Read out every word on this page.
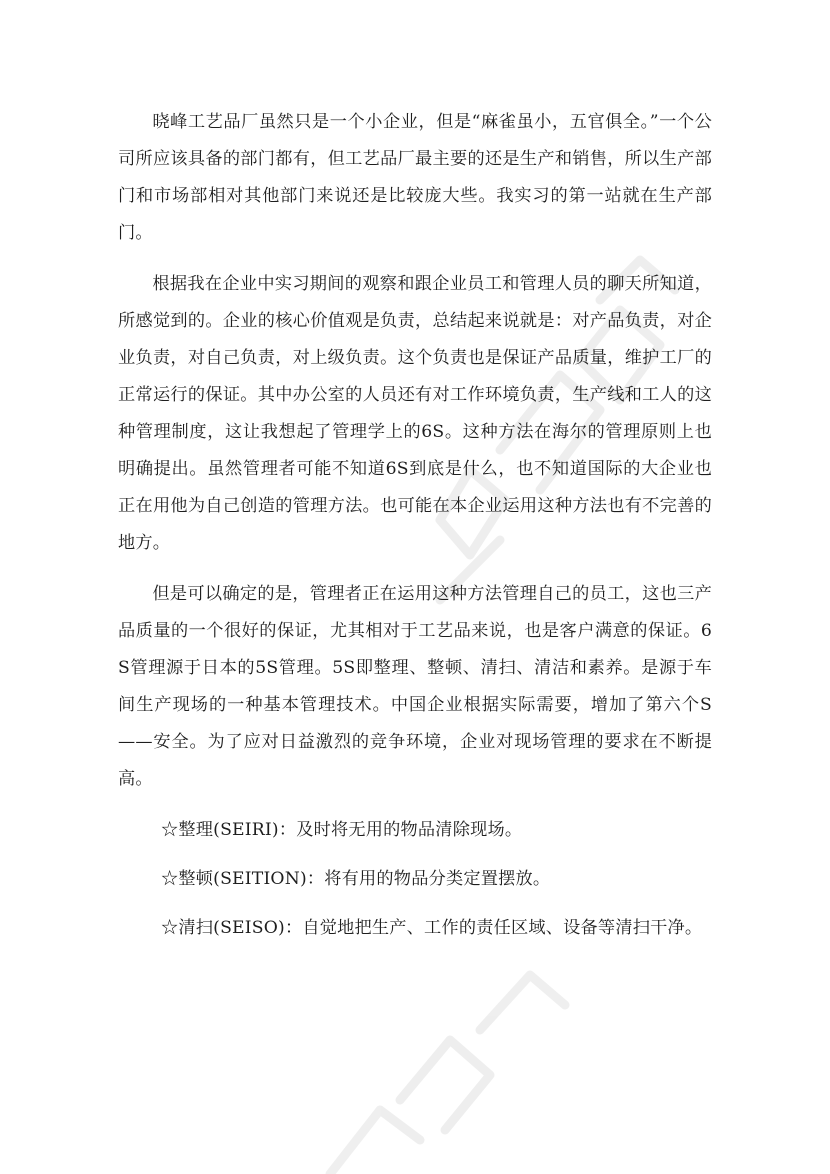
晓峰工艺品厂虽然只是一个小企业，但是“麻雀虽小，五官俱全。”一个公司所应该具备的部门都有，但工艺品厂最主要的还是生产和销售，所以生产部门和市场部相对其他部门来说还是比较庞大些。我实习的第一站就在生产部门。

根据我在企业中实习期间的观察和跟企业员工和管理人员的聊天所知道，所感觉到的。企业的核心价值观是负责，总结起来说就是：对产品负责，对企业负责，对自己负责，对上级负责。这个负责也是保证产品质量，维护工厂的正常运行的保证。其中办公室的人员还有对工作环境负责，生产线和工人的这种管理制度，这让我想起了管理学上的6S。这种方法在海尔的管理原则上也明确提出。虽然管理者可能不知道6S到底是什么，也不知道国际的大企业也正在用他为自己创造的管理方法。也可能在本企业运用这种方法也有不完善的地方。

但是可以确定的是，管理者正在运用这种方法管理自己的员工，这也三产品质量的一个很好的保证，尤其相对于工艺品来说，也是客户满意的保证。6S管理源于日本的5S管理。5S即整理、整顿、清扫、清洁和素养。是源于车间生产现场的一种基本管理技术。中国企业根据实际需要，增加了第六个S——安全。为了应对日益激烈的竞争环境，企业对现场管理的要求在不断提高。

☆整理(SEIRI)：及时将无用的物品清除现场。

☆整顿(SEITION)：将有用的物品分类定置摆放。

☆清扫(SEISO)：自觉地把生产、工作的责任区域、设备等清扫干净。
